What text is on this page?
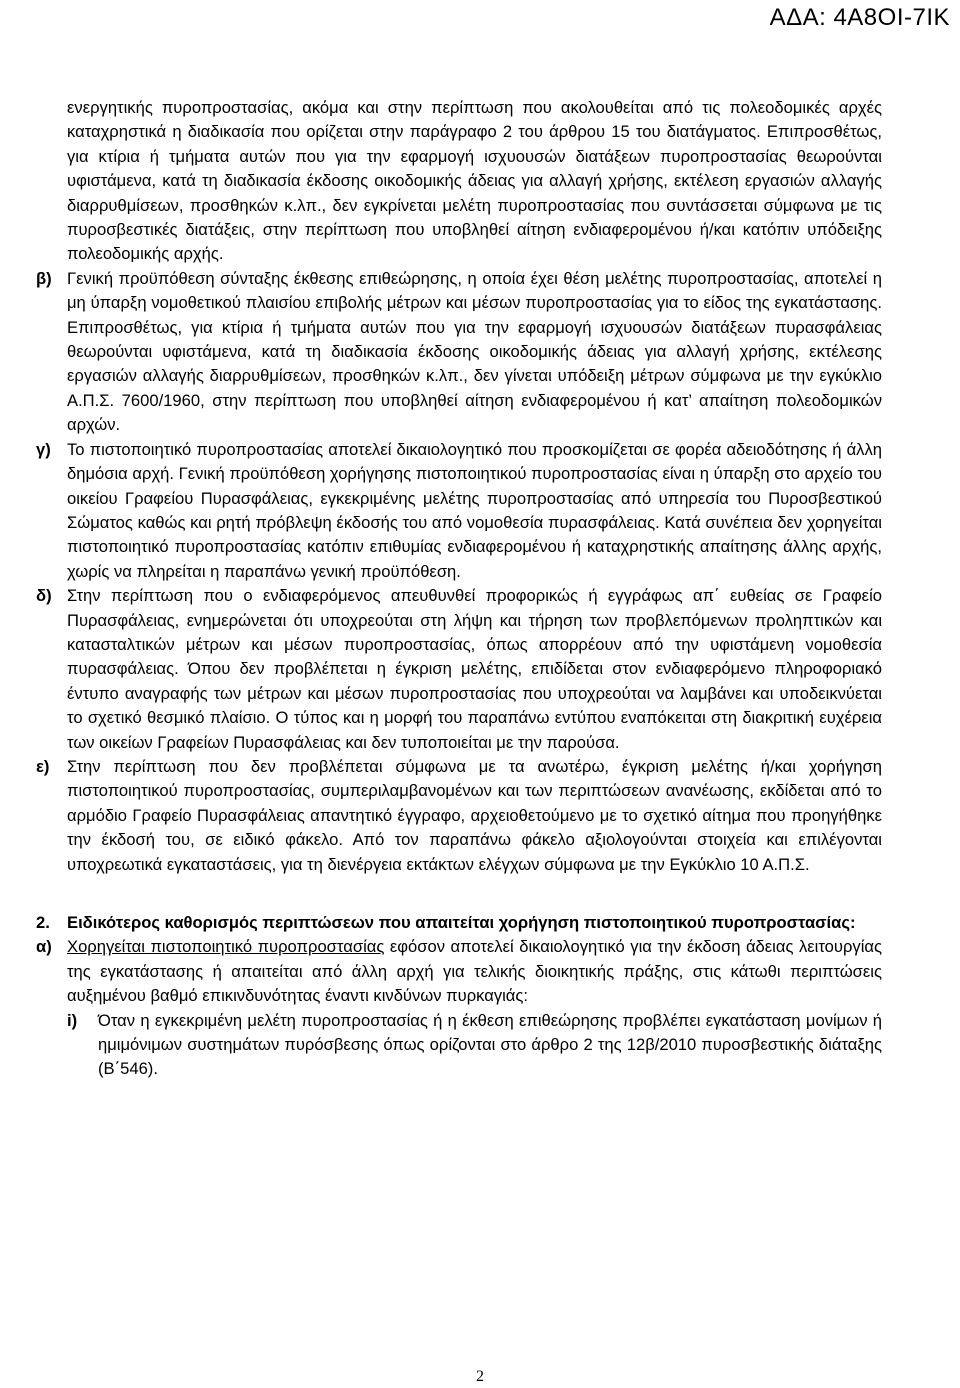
ΑΔΑ: 4Α8ΟΙ-7ΙΚ

ενεργητικής πυροπροστασίας, ακόμα και στην περίπτωση που ακολουθείται από τις πολεοδομικές αρχές καταχρηστικά η διαδικασία που ορίζεται στην παράγραφο 2 του άρθρου 15 του διατάγματος. Επιπροσθέτως, για κτίρια ή τμήματα αυτών που για την εφαρμογή ισχυουσών διατάξεων πυροπροστασίας θεωρούνται υφιστάμενα, κατά τη διαδικασία έκδοσης οικοδομικής άδειας για αλλαγή χρήσης, εκτέλεση εργασιών αλλαγής διαρρυθμίσεων, προσθηκών κ.λπ., δεν εγκρίνεται μελέτη πυροπροστασίας που συντάσσεται σύμφωνα με τις πυροσβεστικές διατάξεις, στην περίπτωση που υποβληθεί αίτηση ενδιαφερομένου ή/και κατόπιν υπόδειξης πολεοδομικής αρχής.

β) Γενική προϋπόθεση σύνταξης έκθεσης επιθεώρησης, η οποία έχει θέση μελέτης πυροπροστασίας, αποτελεί η μη ύπαρξη νομοθετικού πλαισίου επιβολής μέτρων και μέσων πυροπροστασίας για το είδος της εγκατάστασης. Επιπροσθέτως, για κτίρια ή τμήματα αυτών που για την εφαρμογή ισχυουσών διατάξεων πυρασφάλειας θεωρούνται υφιστάμενα, κατά τη διαδικασία έκδοσης οικοδομικής άδειας για αλλαγή χρήσης, εκτέλεσης εργασιών αλλαγής διαρρυθμίσεων, προσθηκών κ.λπ., δεν γίνεται υπόδειξη μέτρων σύμφωνα με την εγκύκλιο Α.Π.Σ. 7600/1960, στην περίπτωση που υποβληθεί αίτηση ενδιαφερομένου ή κατ’ απαίτηση πολεοδομικών αρχών.
γ) Το πιστοποιητικό πυροπροστασίας αποτελεί δικαιολογητικό που προσκομίζεται σε φορέα αδειοδότησης ή άλλη δημόσια αρχή. Γενική προϋπόθεση χορήγησης πιστοποιητικού πυροπροστασίας είναι η ύπαρξη στο αρχείο του οικείου Γραφείου Πυρασφάλειας, εγκεκριμένης μελέτης πυροπροστασίας από υπηρεσία του Πυροσβεστικού Σώματος καθώς και ρητή πρόβλεψη έκδοσής του από νομοθεσία πυρασφάλειας. Κατά συνέπεια δεν χορηγείται πιστοποιητικό πυροπροστασίας κατόπιν επιθυμίας ενδιαφερομένου ή καταχρηστικής απαίτησης άλλης αρχής, χωρίς να πληρείται η παραπάνω γενική προϋπόθεση.
δ) Στην περίπτωση που ο ενδιαφερόμενος απευθυνθεί προφορικώς ή εγγράφως απ΄ ευθείας σε Γραφείο Πυρασφάλειας, ενημερώνεται ότι υποχρεούται στη λήψη και τήρηση των προβλεπόμενων προληπτικών και κατασταλτικών μέτρων και μέσων πυροπροστασίας, όπως απορρέουν από την υφιστάμενη νομοθεσία πυρασφάλειας. Όπου δεν προβλέπεται η έγκριση μελέτης, επιδίδεται στον ενδιαφερόμενο πληροφοριακό έντυπο αναγραφής των μέτρων και μέσων πυροπροστασίας που υποχρεούται να λαμβάνει και υποδεικνύεται το σχετικό θεσμικό πλαίσιο. Ο τύπος και η μορφή του παραπάνω εντύπου εναπόκειται στη διακριτική ευχέρεια των οικείων Γραφείων Πυρασφάλειας και δεν τυποποιείται με την παρούσα.
ε) Στην περίπτωση που δεν προβλέπεται σύμφωνα με τα ανωτέρω, έγκριση μελέτης ή/και χορήγηση πιστοποιητικού πυροπροστασίας, συμπεριλαμβανομένων και των περιπτώσεων ανανέωσης, εκδίδεται από το αρμόδιο Γραφείο Πυρασφάλειας απαντητικό έγγραφο, αρχειοθετούμενο με το σχετικό αίτημα που προηγήθηκε την έκδοσή του, σε ειδικό φάκελο. Από τον παραπάνω φάκελο αξιολογούνται στοιχεία και επιλέγονται υποχρεωτικά εγκαταστάσεις, για τη διενέργεια εκτάκτων ελέγχων σύμφωνα με την Εγκύκλιο 10 Α.Π.Σ.
2. Ειδικότερος καθορισμός περιπτώσεων που απαιτείται χορήγηση πιστοποιητικού πυροπροστασίας:
α) Χορηγείται πιστοποιητικό πυροπροστασίας εφόσον αποτελεί δικαιολογητικό για την έκδοση άδειας λειτουργίας της εγκατάστασης ή απαιτείται από άλλη αρχή για τελικής διοικητικής πράξης, στις κάτωθι περιπτώσεις αυξημένου βαθμό επικινδυνότητας έναντι κινδύνων πυρκαγιάς:
i) Όταν η εγκεκριμένη μελέτη πυροπροστασίας ή η έκθεση επιθεώρησης προβλέπει εγκατάσταση μονίμων ή ημιμόνιμων συστημάτων πυρόσβεσης όπως ορίζονται στο άρθρο 2 της 12β/2010 πυροσβεστικής διάταξης (Β΄546).
2
